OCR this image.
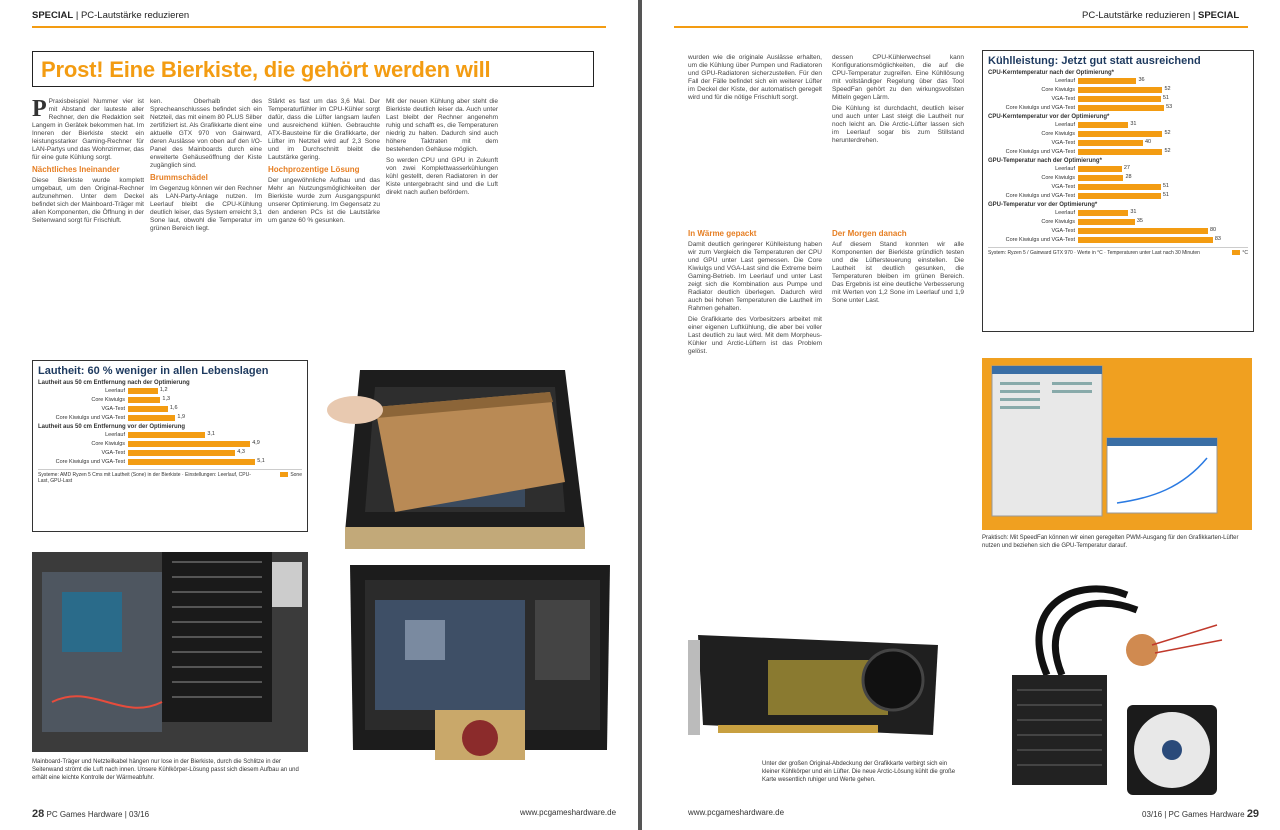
SPECIAL | PC-Lautstärke reduzieren
Prost! Eine Bierkiste, die gehört werden will

P Praxisbeispiel Nummer vier ist mit Abstand der lauteste aller Rechner, den die Redaktion seit Langem in Gerätek bekommen hat. Im Inneren der Bierkiste steckt ein leistungsstarker Gaming-Rechner für LAN-Partys und das Wohnzimmer, das für eine gute Kühlung sorgt.

Nächtliches Ineinander

Diese Bierkiste wurde komplett umgebaut, um den Original-Rechner aufzunehmen. Unter dem Deckel befindet sich der Mainboard-Träger mit allen Komponenten, die Öffnung in der Seitenwand sorgt für Frischluft.

ken. Oberhalb des Sprecheanschlusses befindet sich ein Netzteil, das mit einem 80 PLUS Silber zertifiziert ist. Als Grafikkarte dient eine aktuelle GTX 970 von Gainward, deren Auslässe von oben auf den I/O-Panel des Mainboards durch eine erweiterte Gehäuseöffnung der Kiste zugänglich sind.

Brummschädel

Im Gegenzug können wir den Rechner als LAN-Party-Anlage nutzen. Im Leerlauf bleibt die CPU-Kühlung deutlich leiser, das System erreicht 3,1 Sone laut, obwohl die Temperatur im grünen Bereich liegt.

Stärkt es fast um das 3,6 Mal. Der Temperaturfühler im CPU-Kühler sorgt dafür, dass die Lüfter langsam laufen und ausreichend kühlen. Gebrauchte ATX-Bausteine für die Grafikkarte, der Lüfter im Netzteil wird auf 2,3 Sone und im Durchschnitt bleibt die Lautstärke gering.

Hochprozentige Lösung

Der ungewöhnliche Aufbau und das Mehr an Nutzungsmöglichkeiten der Bierkiste wurde zum Ausgangspunkt unserer Optimierung. Im Gegensatz zu den anderen PCs ist die Lautstärke um ganze 60 % gesunken.

Mit der neuen Kühlung aber steht die Bierkiste deutlich leiser da. Auch unter Last bleibt der Rechner angenehm ruhig und schafft es, die Temperaturen niedrig zu halten. Dadurch sind auch höhere Taktraten mit dem bestehenden Gehäuse möglich.

So werden CPU und GPU in Zukunft von zwei Komplettwasserkühlungen kühl gestellt, deren Radiatoren in der Kiste untergebracht sind und die Luft direkt nach außen befördern.

Lautheit: 60 % weniger in allen Lebenslagen
Lautheit aus 50 cm Entfernung nach der Optimierung
Leerlauf	1,2
Core Kiwiulgs	1,3
VGA-Test	1,6
Core Kiwiulgs und VGA-Test	1,9
Lautheit aus 50 cm Entfernung vor der Optimierung
Leerlauf	3,1
Core Kiwiulgs	4,9
VGA-Test	4,3
Core Kiwiulgs und VGA-Test	5,1
Systeme: AMD Ryzen 5 Cms mit Lautheit (Sone) in der Bierkiste · Einstellungen: Leerlauf, CPU-Last, GPU-Last
Sone
Mainboard-Träger und Netzteilkabel hängen nur lose in der Bierkiste, durch die Schlitze in der Seitenwand strömt die Luft nach innen. Unsere Kühlkörper-Lösung passt sich diesem Aufbau an und erhält eine leichte Kontrolle der Wärmeabfuhr.
28 PC Games Hardware | 03/16	www.pcgameshardware.de
PC-Lautstärke reduzieren | SPECIAL

wurden wie die originale Auslässe erhalten, um die Kühlung über Pumpen und Radiatoren und GPU-Radiatoren sicherzustellen. Für den Fall der Fälle befindet sich ein weiterer Lüfter im Deckel der Kiste, der automatisch geregelt wird und für die nötige Frischluft sorgt.

dessen CPU-Kühlerwechsel kann Konfigurationsmöglichkeiten, die auf die CPU-Temperatur zugreifen. Eine Kühllösung mit vollständiger Regelung über das Tool SpeedFan gehört zu den wirkungsvollsten Mitteln gegen Lärm.

Die Kühlung ist durchdacht, deutlich leiser und auch unter Last steigt die Lautheit nur noch leicht an. Die Arctic-Lüfter lassen sich im Leerlauf sogar bis zum Stillstand herunterdrehen.

In Wärme gepackt

Damit deutlich geringerer Kühlleistung haben wir zum Vergleich die Temperaturen der CPU und GPU unter Last gemessen. Die Core Kiwiulgs und VGA-Last sind die Extreme beim Gaming-Betrieb. Im Leerlauf und unter Last zeigt sich die Kombination aus Pumpe und Radiator deutlich überlegen. Dadurch wird auch bei hohen Temperaturen die Lautheit im Rahmen gehalten.

Die Grafikkarte des Vorbesitzers arbeitet mit einer eigenen Luftkühlung, die aber bei voller Last deutlich zu laut wird. Mit dem Morpheus-Kühler und Arctic-Lüftern ist das Problem gelöst.

Der Morgen danach

Auf diesem Stand konnten wir alle Komponenten der Bierkiste gründlich testen und die Lüftersteuerung einstellen. Die Lautheit ist deutlich gesunken, die Temperaturen bleiben im grünen Bereich. Das Ergebnis ist eine deutliche Verbesserung mit Werten von 1,2 Sone im Leerlauf und 1,9 Sone unter Last.

Kühlleistung: Jetzt gut statt ausreichend
CPU-Kerntemperatur nach der Optimierung*
Leerlauf	36
Core Kiwiulgs	52
VGA-Test	51
Core Kiwiulgs und VGA-Test	53
CPU-Kerntemperatur vor der Optimierung*
Leerlauf	31
Core Kiwiulgs	52
VGA-Test	40
Core Kiwiulgs und VGA-Test	52
GPU-Temperatur nach der Optimierung*
Leerlauf	27
Core Kiwiulgs	28
VGA-Test	51
Core Kiwiulgs und VGA-Test	51
GPU-Temperatur vor der Optimierung*
Leerlauf	31
Core Kiwiulgs	35
VGA-Test	80
Core Kiwiulgs und VGA-Test	83
System: Ryzen 5 / Gainward GTX 970 · Werte in °C · Temperaturen unter Last nach 30 Minuten	°C
Praktisch: Mit SpeedFan können wir einen geregelten PWM-Ausgang für den Grafikkarten-Lüfter nutzen und beziehen sich die GPU-Temperatur darauf.
Unter der großen Original-Abdeckung der Grafikkarte verbirgt sich ein kleiner Kühlkörper und ein Lüfter. Die neue Arctic-Lösung kühlt die große Karte wesentlich ruhiger und Werte gehen.
www.pcgameshardware.de	03/16 | PC Games Hardware 29
